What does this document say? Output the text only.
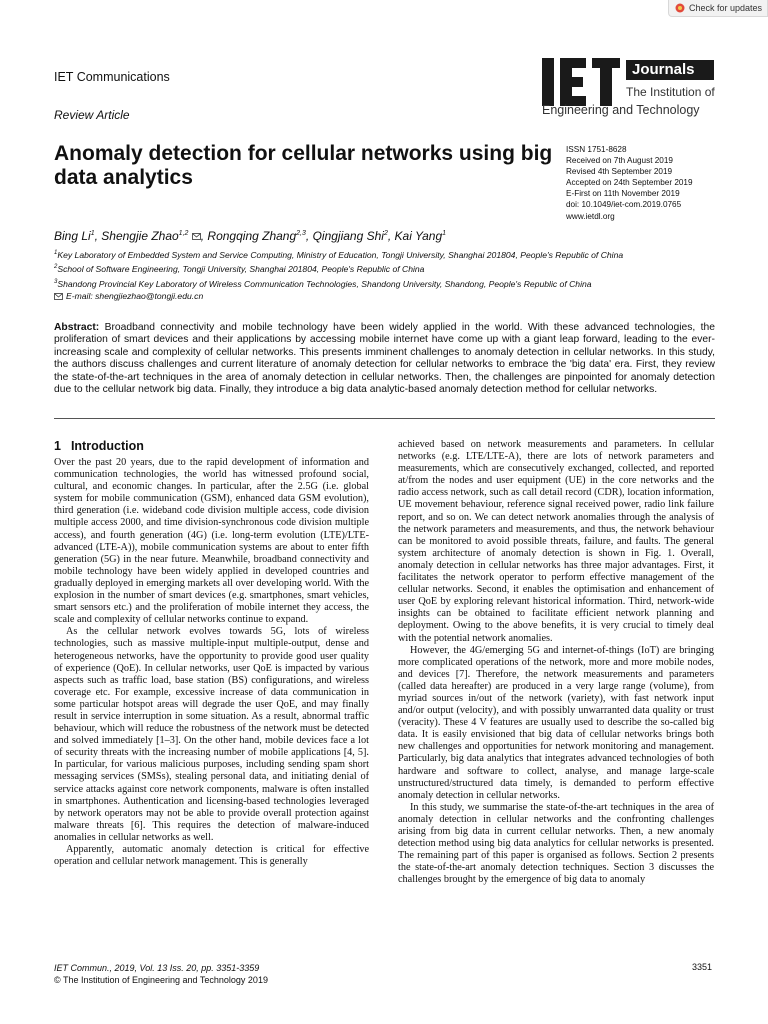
Check for updates
IET Communications
Review Article
Journals
The Institution of
Engineering and Technology
Anomaly detection for cellular networks using big data analytics
ISSN 1751-8628
Received on 7th August 2019
Revised 4th September 2019
Accepted on 24th September 2019
E-First on 11th November 2019
doi: 10.1049/iet-com.2019.0765
www.ietdl.org
Bing Li$^1$, Shengjie Zhao$^{1,2}$ , Rongqing Zhang$^{2,3}$, Qingjiang Shi$^2$, Kai Yang$^1$
$^1$Key Laboratory of Embedded System and Service Computing, Ministry of Education, Tongji University, Shanghai 201804, People's Republic of China
$^2$School of Software Engineering, Tongji University, Shanghai 201804, People's Republic of China
$^3$Shandong Provincial Key Laboratory of Wireless Communication Technologies, Shandong University, Shandong, People's Republic of China
E-mail: shengjiezhao@tongji.edu.cn
Abstract: Broadband connectivity and mobile technology have been widely applied in the world. With these advanced technologies, the proliferation of smart devices and their applications by accessing mobile internet have come up with a giant leap forward, leading to the ever-increasing scale and complexity of cellular networks. This presents imminent challenges to anomaly detection in cellular networks. In this study, the authors discuss challenges and current literature of anomaly detection for cellular networks to embrace the 'big data' era. First, they review the state-of-the-art techniques in the area of anomaly detection in cellular networks. Then, the challenges are pinpointed for anomaly detection due to the cellular network big data. Finally, they introduce a big data analytic-based anomaly detection method for cellular networks.
1 Introduction

Over the past 20 years, due to the rapid development of information and communication technologies, the world has witnessed profound social, cultural, and economic changes. In particular, after the 2.5G (i.e. global system for mobile communication (GSM), enhanced data GSM evolution), third generation (i.e. wideband code division multiple access, code division multiple access 2000, and time division-synchronous code division multiple access), and fourth generation (4G) (i.e. long-term evolution (LTE)/LTE-advanced (LTE-A)), mobile communication systems are about to enter fifth generation (5G) in the near future. Meanwhile, broadband connectivity and mobile technology have been widely applied in developed countries and gradually deployed in emerging markets all over developing world. With the explosion in the number of smart devices (e.g. smartphones, smart vehicles, smart sensors etc.) and the proliferation of mobile internet they access, the scale and complexity of cellular networks continue to expand.

As the cellular network evolves towards 5G, lots of wireless technologies, such as massive multiple-input multiple-output, dense and heterogeneous networks, have the opportunity to provide good user quality of experience (QoE). In cellular networks, user QoE is impacted by various aspects such as traffic load, base station (BS) configurations, and wireless coverage etc. For example, excessive increase of data communication in some particular hotspot areas will degrade the user QoE, and may finally result in service interruption in some situation. As a result, abnormal traffic behaviour, which will reduce the robustness of the network must be detected and solved immediately [1–3]. On the other hand, mobile devices face a lot of security threats with the increasing number of mobile applications [4, 5]. In particular, for various malicious purposes, including sending spam short messaging services (SMSs), stealing personal data, and initiating denial of service attacks against core network components, malware is often installed in smartphones. Authentication and licensing-based technologies leveraged by network operators may not be able to provide overall protection against malware threats [6]. This requires the detection of malware-induced anomalies in cellular networks as well.

Apparently, automatic anomaly detection is critical for effective operation and cellular network management. This is generally

achieved based on network measurements and parameters. In cellular networks (e.g. LTE/LTE-A), there are lots of network parameters and measurements, which are consecutively exchanged, collected, and reported at/from the nodes and user equipment (UE) in the core networks and the radio access network, such as call detail record (CDR), location information, UE movement behaviour, reference signal received power, radio link failure report, and so on. We can detect network anomalies through the analysis of the network parameters and measurements, and thus, the network behaviour can be monitored to avoid possible threats, failure, and faults. The general system architecture of anomaly detection is shown in Fig. 1. Overall, anomaly detection in cellular networks has three major advantages. First, it facilitates the network operator to perform effective management of the cellular networks. Second, it enables the optimisation and enhancement of user QoE by exploring relevant historical information. Third, network-wide insights can be obtained to facilitate efficient network planning and deployment. Owing to the above benefits, it is very crucial to timely deal with the potential network anomalies.

However, the 4G/emerging 5G and internet-of-things (IoT) are bringing more complicated operations of the network, more and more mobile nodes, and devices [7]. Therefore, the network measurements and parameters (called data hereafter) are produced in a very large range (volume), from myriad sources in/out of the network (variety), with fast network input and/or output (velocity), and with possibly unwarranted data quality or trust (veracity). These 4 V features are usually used to describe the so-called big data. It is easily envisioned that big data of cellular networks brings both new challenges and opportunities for network monitoring and management. Particularly, big data analytics that integrates advanced technologies of both hardware and software to collect, analyse, and manage large-scale unstructured/structured data timely, is demanded to perform effective anomaly detection in cellular networks.

In this study, we summarise the state-of-the-art techniques in the area of anomaly detection in cellular networks and the confronting challenges arising from big data in current cellular networks. Then, a new anomaly detection method using big data analytics for cellular networks is presented. The remaining part of this paper is organised as follows. Section 2 presents the state-of-the-art anomaly detection techniques. Section 3 discusses the challenges brought by the emergence of big data to anomaly

IET Commun., 2019, Vol. 13 Iss. 20, pp. 3351-3359
© The Institution of Engineering and Technology 2019
3351
